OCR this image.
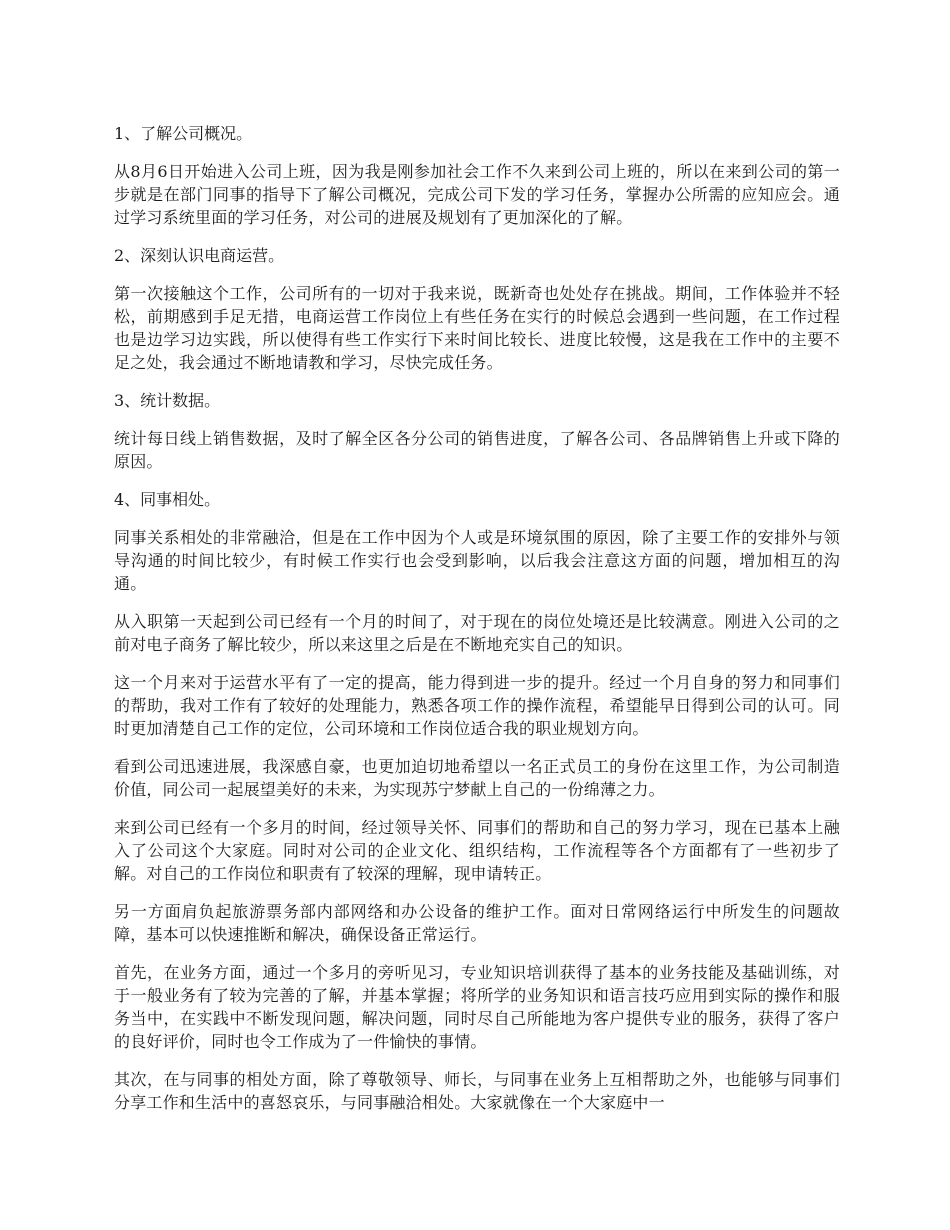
1、了解公司概况。

从8月6日开始进入公司上班，因为我是刚参加社会工作不久来到公司上班的，所以在来到公司的第一步就是在部门同事的指导下了解公司概况，完成公司下发的学习任务，掌握办公所需的应知应会。通过学习系统里面的学习任务，对公司的进展及规划有了更加深化的了解。

2、深刻认识电商运营。

第一次接触这个工作，公司所有的一切对于我来说，既新奇也处处存在挑战。期间，工作体验并不轻松，前期感到手足无措，电商运营工作岗位上有些任务在实行的时候总会遇到一些问题，在工作过程也是边学习边实践，所以使得有些工作实行下来时间比较长、进度比较慢，这是我在工作中的主要不足之处，我会通过不断地请教和学习，尽快完成任务。

3、统计数据。

统计每日线上销售数据，及时了解全区各分公司的销售进度，了解各公司、各品牌销售上升或下降的原因。

4、同事相处。

同事关系相处的非常融洽，但是在工作中因为个人或是环境氛围的原因，除了主要工作的安排外与领导沟通的时间比较少，有时候工作实行也会受到影响，以后我会注意这方面的问题，增加相互的沟通。

从入职第一天起到公司已经有一个月的时间了，对于现在的岗位处境还是比较满意。刚进入公司的之前对电子商务了解比较少，所以来这里之后是在不断地充实自己的知识。

这一个月来对于运营水平有了一定的提高，能力得到进一步的提升。经过一个月自身的努力和同事们的帮助，我对工作有了较好的处理能力，熟悉各项工作的操作流程，希望能早日得到公司的认可。同时更加清楚自己工作的定位，公司环境和工作岗位适合我的职业规划方向。

看到公司迅速进展，我深感自豪，也更加迫切地希望以一名正式员工的身份在这里工作，为公司制造价值，同公司一起展望美好的未来，为实现苏宁梦献上自己的一份绵薄之力。

来到公司已经有一个多月的时间，经过领导关怀、同事们的帮助和自己的努力学习，现在已基本上融入了公司这个大家庭。同时对公司的企业文化、组织结构，工作流程等各个方面都有了一些初步了解。对自己的工作岗位和职责有了较深的理解，现申请转正。

另一方面肩负起旅游票务部内部网络和办公设备的维护工作。面对日常网络运行中所发生的问题故障，基本可以快速推断和解决，确保设备正常运行。

首先，在业务方面，通过一个多月的旁听见习，专业知识培训获得了基本的业务技能及基础训练，对于一般业务有了较为完善的了解，并基本掌握；将所学的业务知识和语言技巧应用到实际的操作和服务当中，在实践中不断发现问题，解决问题，同时尽自己所能地为客户提供专业的服务，获得了客户的良好评价，同时也令工作成为了一件愉快的事情。

其次，在与同事的相处方面，除了尊敬领导、师长，与同事在业务上互相帮助之外，也能够与同事们分享工作和生活中的喜怒哀乐，与同事融洽相处。大家就像在一个大家庭中一
